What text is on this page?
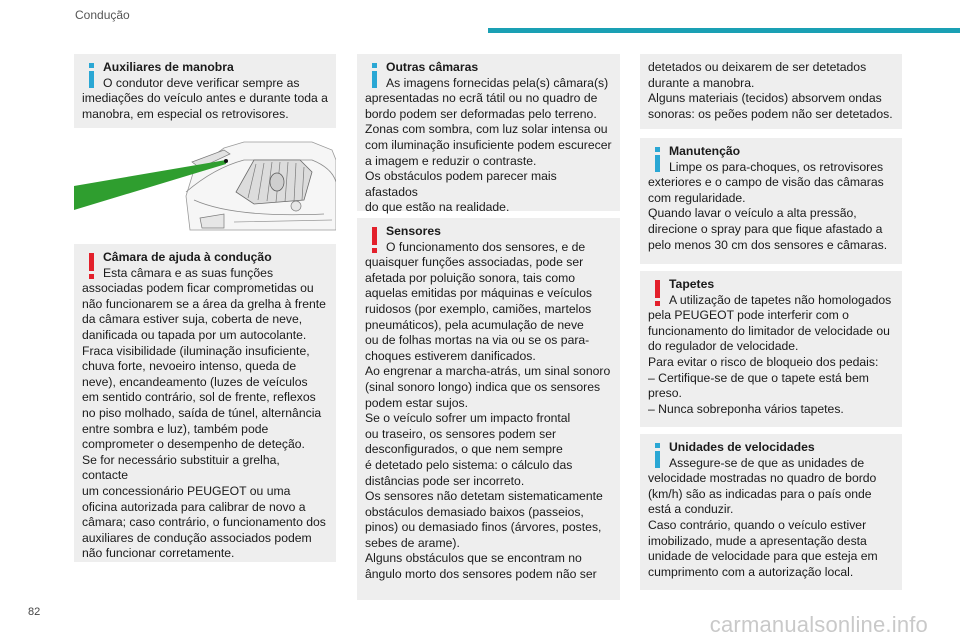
Condução
Auxiliares de manobra
O condutor deve verificar sempre as
imediações do veículo antes e durante toda a
manobra, em especial os retrovisores.
Câmara de ajuda à condução
Esta câmara e as suas funções
associadas podem ficar comprometidas ou
não funcionarem se a área da grelha à frente
da câmara estiver suja, coberta de neve,
danificada ou tapada por um autocolante.
Fraca visibilidade (iluminação insuficiente,
chuva forte, nevoeiro intenso, queda de
neve), encandeamento (luzes de veículos
em sentido contrário, sol de frente, reflexos
no piso molhado, saída de túnel, alternância
entre sombra e luz), também pode
comprometer o desempenho de deteção.
Se for necessário substituir a grelha, contacte
um concessionário PEUGEOT ou uma
oficina autorizada para calibrar de novo a
câmara; caso contrário, o funcionamento dos
auxiliares de condução associados podem
não funcionar corretamente.
Outras câmaras
As imagens fornecidas pela(s) câmara(s)
apresentadas no ecrã tátil ou no quadro de
bordo podem ser deformadas pelo terreno.
Zonas com sombra, com luz solar intensa ou
com iluminação insuficiente podem escurecer
a imagem e reduzir o contraste.
Os obstáculos podem parecer mais afastados
do que estão na realidade.
Sensores
O funcionamento dos sensores, e de
quaisquer funções associadas, pode ser
afetada por poluição sonora, tais como
aquelas emitidas por máquinas e veículos
ruidosos (por exemplo, camiões, martelos
pneumáticos), pela acumulação de neve
ou de folhas mortas na via ou se os para-
choques estiverem danificados.
Ao engrenar a marcha-atrás, um sinal sonoro
(sinal sonoro longo) indica que os sensores
podem estar sujos.
Se o veículo sofrer um impacto frontal
ou traseiro, os sensores podem ser
desconfigurados, o que nem sempre
é detetado pelo sistema: o cálculo das
distâncias pode ser incorreto.
Os sensores não detetam sistematicamente
obstáculos demasiado baixos (passeios,
pinos) ou demasiado finos (árvores, postes,
sebes de arame).
Alguns obstáculos que se encontram no
ângulo morto dos sensores podem não ser
detetados ou deixarem de ser detetados
durante a manobra.
Alguns materiais (tecidos) absorvem ondas
sonoras: os peões podem não ser detetados.
Manutenção
Limpe os para-choques, os retrovisores
exteriores e o campo de visão das câmaras
com regularidade.
Quando lavar o veículo a alta pressão,
direcione o spray para que fique afastado a
pelo menos 30 cm dos sensores e câmaras.
Tapetes
A utilização de tapetes não homologados
pela PEUGEOT pode interferir com o
funcionamento do limitador de velocidade ou
do regulador de velocidade.
Para evitar o risco de bloqueio dos pedais:
– Certifique-se de que o tapete está bem
preso.
– Nunca sobreponha vários tapetes.
Unidades de velocidades
Assegure-se de que as unidades de
velocidade mostradas no quadro de bordo
(km/h) são as indicadas para o país onde
está a conduzir.
Caso contrário, quando o veículo estiver
imobilizado, mude a apresentação desta
unidade de velocidade para que esteja em
cumprimento com a autorização local.
82	carmanualsonline.info
